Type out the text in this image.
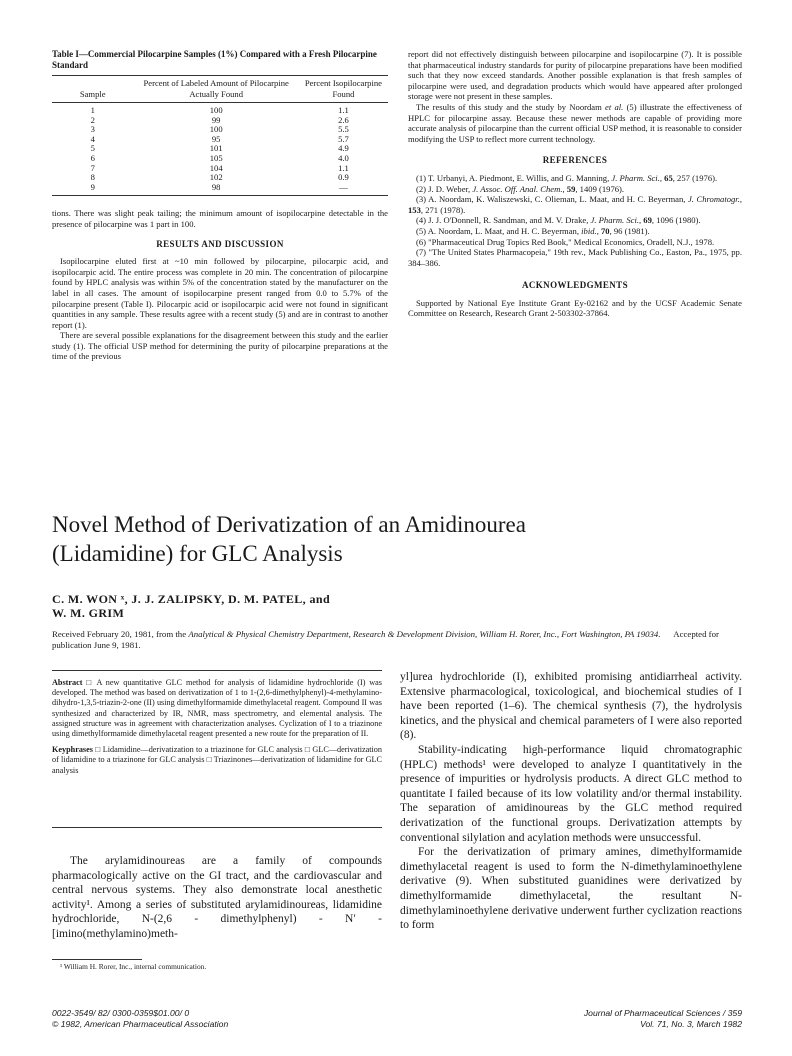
Table I—Commercial Pilocarpine Samples (1%) Compared with a Fresh Pilocarpine Standard
Sample	Percent of Labeled Amount of Pilocarpine Actually Found	Percent Isopilocarpine Found
1	100	1.1
2	99	2.6
3	100	5.5
4	95	5.7
5	101	4.9
6	105	4.0
7	104	1.1
8	102	0.9
9	98	—

tions. There was slight peak tailing; the minimum amount of isopilocarpine detectable in the presence of pilocarpine was 1 part in 100.

RESULTS AND DISCUSSION

Isopilocarpine eluted first at ~10 min followed by pilocarpine, pilocarpic acid, and isopilocarpic acid. The entire process was complete in 20 min. The concentration of pilocarpine found by HPLC analysis was within 5% of the concentration stated by the manufacturer on the label in all cases. The amount of isopilocarpine present ranged from 0.0 to 5.7% of the pilocarpine present (Table I). Pilocarpic acid or isopilocarpic acid were not found in significant quantities in any sample. These results agree with a recent study (5) and are in contrast to another report (1).

There are several possible explanations for the disagreement between this study and the earlier study (1). The official USP method for determining the purity of pilocarpine preparations at the time of the previous

report did not effectively distinguish between pilocarpine and isopilocarpine (7). It is possible that pharmaceutical industry standards for purity of pilocarpine preparations have been modified such that they now exceed standards. Another possible explanation is that fresh samples of pilocarpine were used, and degradation products which would have appeared after prolonged storage were not present in these samples.

The results of this study and the study by Noordam et al. (5) illustrate the effectiveness of HPLC for pilocarpine assay. Because these newer methods are capable of providing more accurate analysis of pilocarpine than the current official USP method, it is reasonable to consider modifying the USP to reflect more current technology.

REFERENCES

(1) T. Urbanyi, A. Piedmont, E. Willis, and G. Manning, J. Pharm. Sci., 65, 257 (1976).

(2) J. D. Weber, J. Assoc. Off. Anal. Chem., 59, 1409 (1976).

(3) A. Noordam, K. Waliszewski, C. Olieman, L. Maat, and H. C. Beyerman, J. Chromatogr., 153, 271 (1978).

(4) J. J. O'Donnell, R. Sandman, and M. V. Drake, J. Pharm. Sci., 69, 1096 (1980).

(5) A. Noordam, L. Maat, and H. C. Beyerman, ibid., 70, 96 (1981).

(6) "Pharmaceutical Drug Topics Red Book," Medical Economics, Oradell, N.J., 1978.

(7) "The United States Pharmacopeia," 19th rev., Mack Publishing Co., Easton, Pa., 1975, pp. 384–386.

ACKNOWLEDGMENTS

Supported by National Eye Institute Grant Ey-02162 and by the UCSF Academic Senate Committee on Research, Research Grant 2-503302-37864.

Novel Method of Derivatization of an Amidinourea
(Lidamidine) for GLC Analysis
C. M. WON ˣ, J. J. ZALIPSKY, D. M. PATEL, and
W. M. GRIM
Received February 20, 1981, from the Analytical & Physical Chemistry Department, Research & Development Division, William H. Rorer, Inc., Fort Washington, PA 19034. Accepted for publication June 9, 1981.

Abstract □ A new quantitative GLC method for analysis of lidamidine hydrochloride (I) was developed. The method was based on derivatization of 1 to 1-(2,6-dimethylphenyl)-4-methylamino-dihydro-1,3,5-triazin-2-one (II) using dimethylformamide dimethylacetal reagent. Compound II was synthesized and characterized by IR, NMR, mass spectrometry, and elemental analysis. The assigned structure was in agreement with characterization analyses. Cyclization of I to a triazinone using dimethylformamide dimethylacetal reagent presented a new route for the preparation of II.

Keyphrases □ Lidamidine—derivatization to a triazinone for GLC analysis □ GLC—derivatization of lidamidine to a triazinone for GLC analysis □ Triazinones—derivatization of lidamidine for GLC analysis

The arylamidinoureas are a family of compounds pharmacologically active on the GI tract, and the cardiovascular and central nervous systems. They also demonstrate local anesthetic activity¹. Among a series of substituted arylamidinoureas, lidamidine hydrochloride, N-(2,6 - dimethylphenyl) - N′ - [imino(methylamino)meth-

¹ William H. Rorer, Inc., internal communication.

yl]urea hydrochloride (I), exhibited promising antidiarrheal activity. Extensive pharmacological, toxicological, and biochemical studies of I have been reported (1–6). The chemical synthesis (7), the hydrolysis kinetics, and the physical and chemical parameters of I were also reported (8).

Stability-indicating high-performance liquid chromatographic (HPLC) methods¹ were developed to analyze I quantitatively in the presence of impurities or hydrolysis products. A direct GLC method to quantitate I failed because of its low volatility and/or thermal instability. The separation of amidinoureas by the GLC method required derivatization of the functional groups. Derivatization attempts by conventional silylation and acylation methods were unsuccessful.

For the derivatization of primary amines, dimethylformamide dimethylacetal reagent is used to form the N-dimethylaminoethylene derivative (9). When substituted guanidines were derivatized by dimethylformamide dimethylacetal, the resultant N-dimethylaminoethylene derivative underwent further cyclization reactions to form

0022-3549/ 82/ 0300-0359$01.00/ 0
© 1982, American Pharmaceutical Association
Journal of Pharmaceutical Sciences / 359
Vol. 71, No. 3, March 1982
